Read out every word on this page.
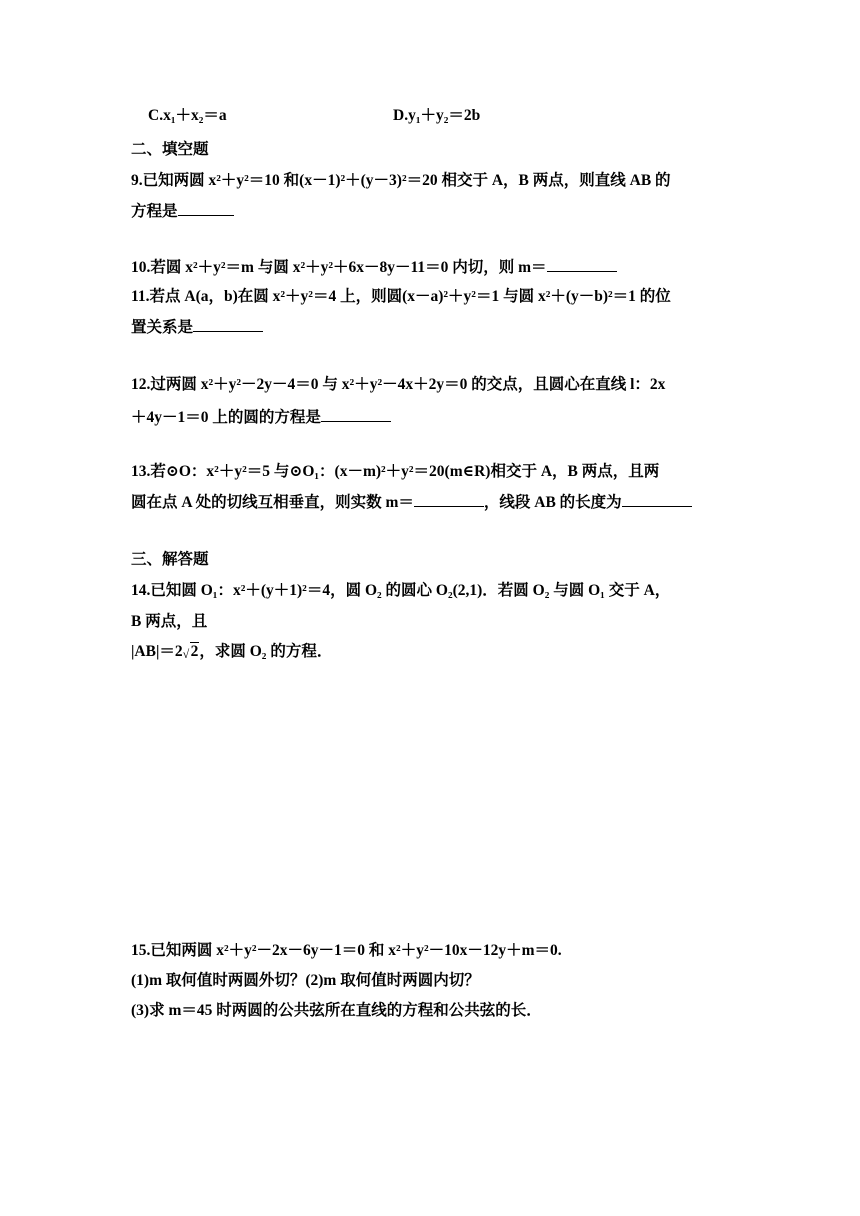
C.x₁＋x₂＝a	D.y₁＋y₂＝2b
二、填空题
9.已知两圆 x²＋y²＝10 和(x－1)²＋(y－3)²＝20 相交于 A，B 两点，则直线 AB 的
方程是
10.若圆 x²＋y²＝m 与圆 x²＋y²＋6x－8y－11＝0 内切，则 m＝
11.若点 A(a，b)在圆 x²＋y²＝4 上，则圆(x－a)²＋y²＝1 与圆 x²＋(y－b)²＝1 的位
置关系是
12.过两圆 x²＋y²－2y－4＝0 与 x²＋y²－4x＋2y＝0 的交点，且圆心在直线 l：2x
＋4y－1＝0 上的圆的方程是
13.若⊙O：x²＋y²＝5 与⊙O₁：(x－m)²＋y²＝20(m∈R)相交于 A，B 两点，且两
圆在点 A 处的切线互相垂直，则实数 m＝	，线段 AB 的长度为
三、解答题
14.已知圆 O₁：x²＋(y＋1)²＝4，圆 O₂ 的圆心 O₂(2,1)．若圆 O₂ 与圆 O₁ 交于 A，
B 两点，且
|AB|＝2 √ 2，求圆 O₂ 的方程．
15.已知两圆 x²＋y²－2x－6y－1＝0 和 x²＋y²－10x－12y＋m＝0.
(1)m 取何值时两圆外切？(2)m 取何值时两圆内切？
(3)求 m＝45 时两圆的公共弦所在直线的方程和公共弦的长．
